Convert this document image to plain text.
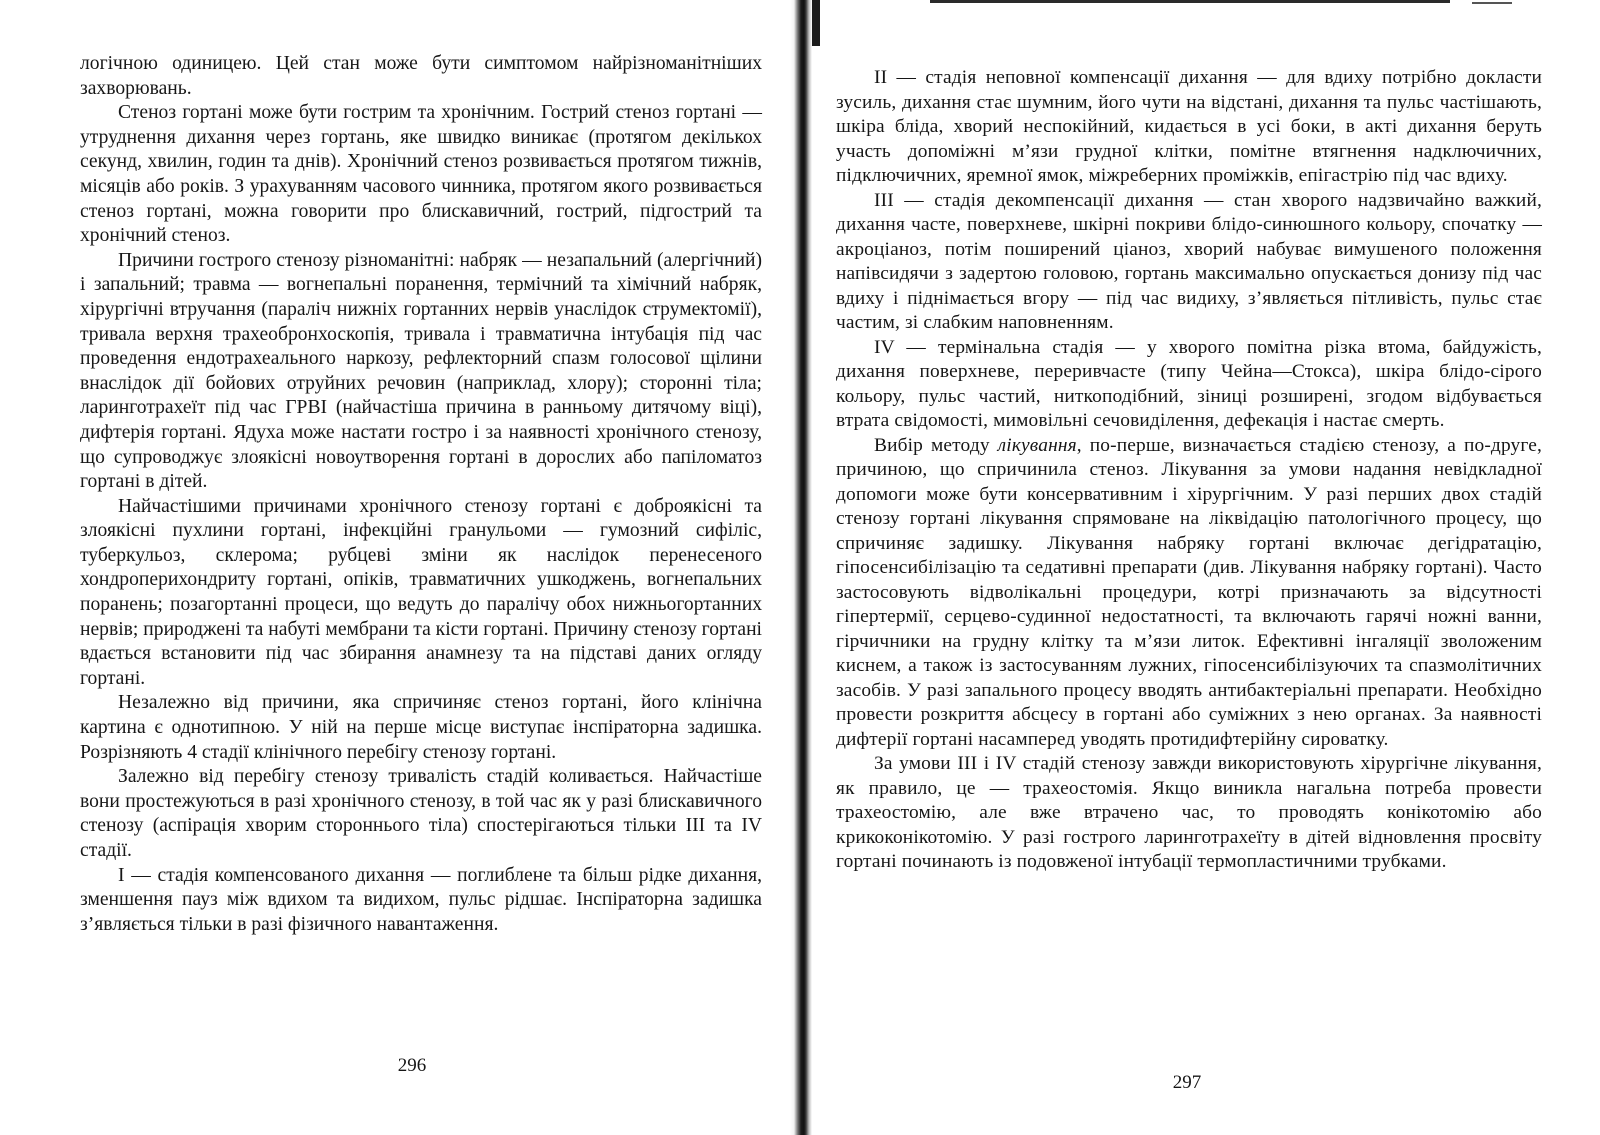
логічною одиницею. Цей стан може бути симптомом найрізноманітніших захворювань.

Стеноз гортані може бути гострим та хронічним. Гострий стеноз гортані — утруднення дихання через гортань, яке швидко виникає (протягом декількох секунд, хвилин, годин та днів). Хронічний стеноз розвивається протягом тижнів, місяців або років. З урахуванням часового чинника, протягом якого розвивається стеноз гортані, можна говорити про блискавичний, гострий, підгострий та хронічний стеноз.

Причини гострого стенозу різноманітні: набряк — незапальний (алергічний) і запальний; травма — вогнепальні поранення, термічний та хімічний набряк, хірургічні втручання (параліч нижніх гортанних нервів унаслідок струмектомії), тривала верхня трахеобронхоскопія, тривала і травматична інтубація під час проведення ендотрахеального наркозу, рефлекторний спазм голосової щілини внаслідок дії бойових отруйних речовин (наприклад, хлору); сторонні тіла; ларинготрахеїт під час ГРВІ (найчастіша причина в ранньому дитячому віці), дифтерія гортані. Ядуха може настати гостро і за наявності хронічного стенозу, що супроводжує злоякісні новоутворення гортані в дорослих або папіломатоз гортані в дітей.

Найчастішими причинами хронічного стенозу гортані є доброякісні та злоякісні пухлини гортані, інфекційні гранульоми — гумозний сифіліс, туберкульоз, склерома; рубцеві зміни як наслідок перенесеного хондроперихондриту гортані, опіків, травматичних ушкоджень, вогнепальних поранень; позагортанні процеси, що ведуть до паралічу обох нижньогортанних нервів; природжені та набуті мембрани та кісти гортані. Причину стенозу гортані вдається встановити під час збирання анамнезу та на підставі даних огляду гортані.

Незалежно від причини, яка спричиняє стеноз гортані, його клінічна картина є однотипною. У ній на перше місце виступає інспіраторна задишка. Розрізняють 4 стадії клінічного перебігу стенозу гортані.

Залежно від перебігу стенозу тривалість стадій коливається. Найчастіше вони простежуються в разі хронічного стенозу, в той час як у разі блискавичного стенозу (аспірація хворим стороннього тіла) спостерігаються тільки III та IV стадії.

I — стадія компенсованого дихання — поглиблене та більш рідке дихання, зменшення пауз між вдихом та видихом, пульс рідшає. Інспіраторна задишка з’являється тільки в разі фізичного навантаження.

296

II — стадія неповної компенсації дихання — для вдиху потрібно докласти зусиль, дихання стає шумним, його чути на відстані, дихання та пульс частішають, шкіра бліда, хворий неспокійний, кидається в усі боки, в акті дихання беруть участь допоміжні м’язи грудної клітки, помітне втягнення надключичних, підключичних, яремної ямок, міжреберних проміжків, епігастрію під час вдиху.

III — стадія декомпенсації дихання — стан хворого надзвичайно важкий, дихання часте, поверхневе, шкірні покриви блідо-синюшного кольору, спочатку — акроціаноз, потім поширений ціаноз, хворий набуває вимушеного положення напівсидячи з задертою головою, гортань максимально опускається донизу під час вдиху і піднімається вгору — під час видиху, з’являється пітливість, пульс стає частим, зі слабким наповненням.

IV — термінальна стадія — у хворого помітна різка втома, байдужість, дихання поверхневе, переривчасте (типу Чейна—Стокса), шкіра блідо-сірого кольору, пульс частий, ниткоподібний, зіниці розширені, згодом відбувається втрата свідомості, мимовільні сечовиділення, дефекація і настає смерть.

Вибір методу лікування, по-перше, визначається стадією стенозу, а по-друге, причиною, що спричинила стеноз. Лікування за умови надання невідкладної допомоги може бути консервативним і хірургічним. У разі перших двох стадій стенозу гортані лікування спрямоване на ліквідацію патологічного процесу, що спричиняє задишку. Лікування набряку гортані включає дегідратацію, гіпосенсибілізацію та седативні препарати (див. Лікування набряку гортані). Часто застосовують відволікальні процедури, котрі призначають за відсутності гіпертермії, серцево-судинної недостатності, та включають гарячі ножні ванни, гірчичники на грудну клітку та м’язи литок. Ефективні інгаляції зволоженим киснем, а також із застосуванням лужних, гіпосенсибілізуючих та спазмолітичних засобів. У разі запального процесу вводять антибактеріальні препарати. Необхідно провести розкриття абсцесу в гортані або суміжних з нею органах. За наявності дифтерії гортані насамперед уводять протидифтерійну сироватку.

За умови III і IV стадій стенозу завжди використовують хірургічне лікування, як правило, це — трахеостомія. Якщо виникла нагальна потреба провести трахеостомію, але вже втрачено час, то проводять конікотомію або крикоконікотомію. У разі гострого ларинготрахеїту в дітей відновлення просвіту гортані починають із подовженої інтубації термопластичними трубками.

297
